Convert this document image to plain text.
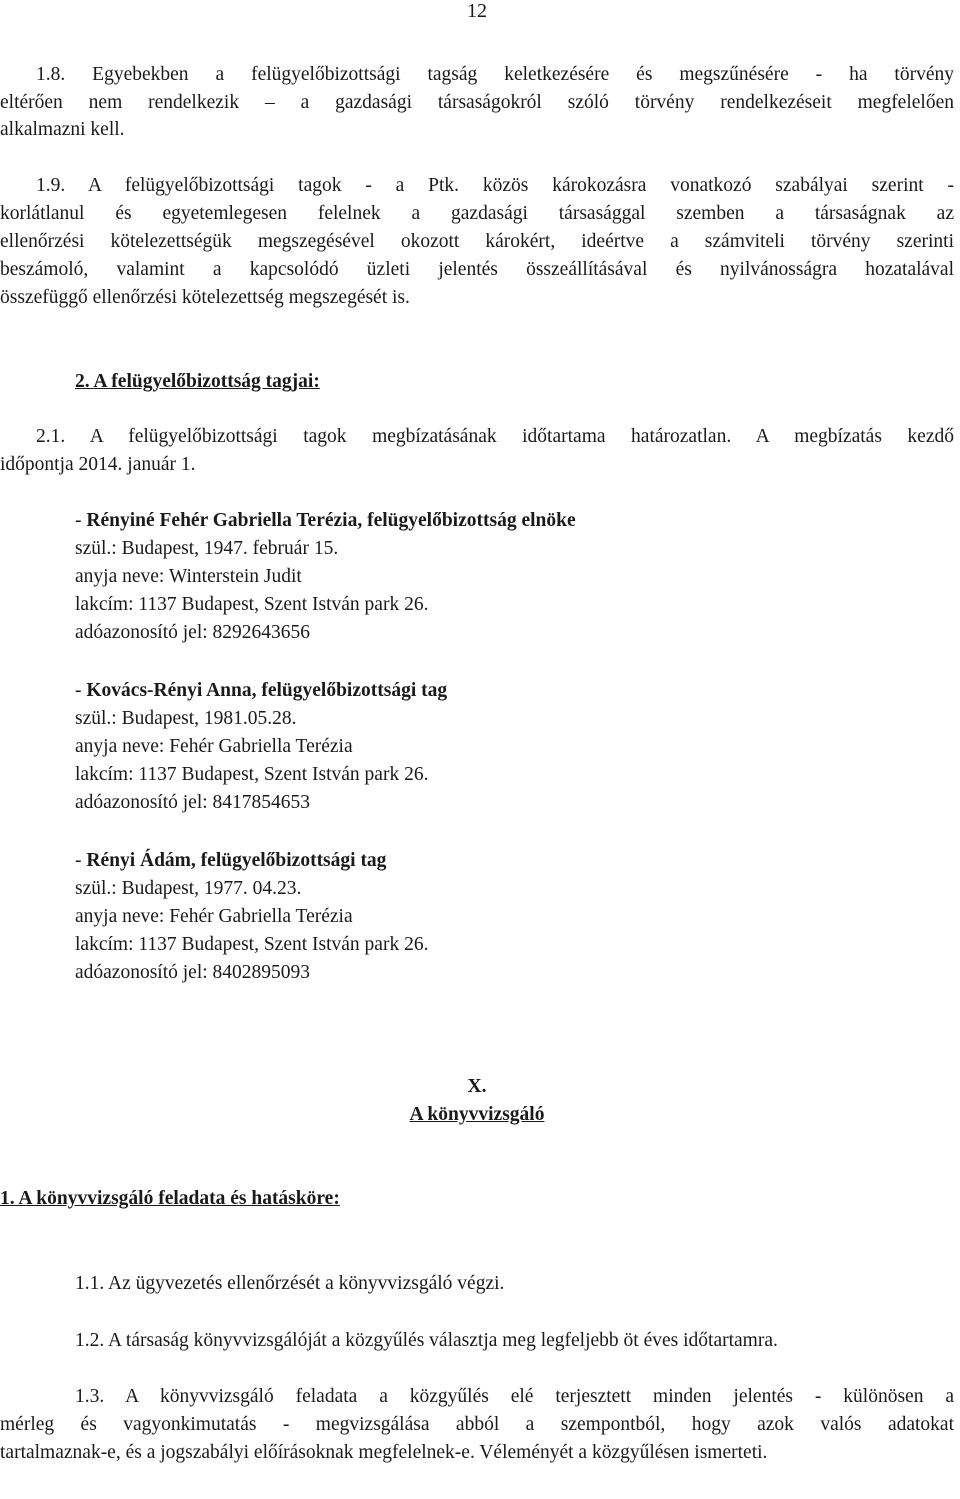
12
1.8. Egyebekben a felügyelőbizottsági tagság keletkezésére és megszűnésére - ha törvény
eltérően nem rendelkezik – a gazdasági társaságokról szóló törvény rendelkezéseit megfelelően
alkalmazni kell.
1.9. A felügyelőbizottsági tagok - a Ptk. közös károkozásra vonatkozó szabályai szerint -
korlátlanul és egyetemlegesen felelnek a gazdasági társasággal szemben a társaságnak az
ellenőrzési kötelezettségük megszegésével okozott károkért, ideértve a számviteli törvény szerinti
beszámoló, valamint a kapcsolódó üzleti jelentés összeállításával és nyilvánosságra hozatalával
összefüggő ellenőrzési kötelezettség megszegését is.
2. A felügyelőbizottság tagjai:
2.1. A felügyelőbizottsági tagok megbízatásának időtartama határozatlan. A megbízatás kezdő
időpontja 2014. január 1.
- Rényiné Fehér Gabriella Terézia, felügyelőbizottság elnöke
szül.: Budapest, 1947. február 15.
anyja neve: Winterstein Judit
lakcím: 1137 Budapest, Szent István park 26.
adóazonosító jel: 8292643656
- Kovács-Rényi Anna, felügyelőbizottsági tag
szül.: Budapest, 1981.05.28.
anyja neve: Fehér Gabriella Terézia
lakcím: 1137 Budapest, Szent István park 26.
adóazonosító jel: 8417854653
- Rényi Ádám, felügyelőbizottsági tag
szül.: Budapest, 1977. 04.23.
anyja neve: Fehér Gabriella Terézia
lakcím: 1137 Budapest, Szent István park 26.
adóazonosító jel: 8402895093
X.
A könyvvizsgáló
1. A könyvvizsgáló feladata és hatásköre:
1.1. Az ügyvezetés ellenőrzését a könyvvizsgáló végzi.
1.2. A társaság könyvvizsgálóját a közgyűlés választja meg legfeljebb öt éves időtartamra.
1.3. A könyvvizsgáló feladata a közgyűlés elé terjesztett minden jelentés - különösen a
mérleg és vagyonkimutatás - megvizsgálása abból a szempontból, hogy azok valós adatokat
tartalmaznak-e, és a jogszabályi előírásoknak megfelelnek-e. Véleményét a közgyűlésen ismerteti.
